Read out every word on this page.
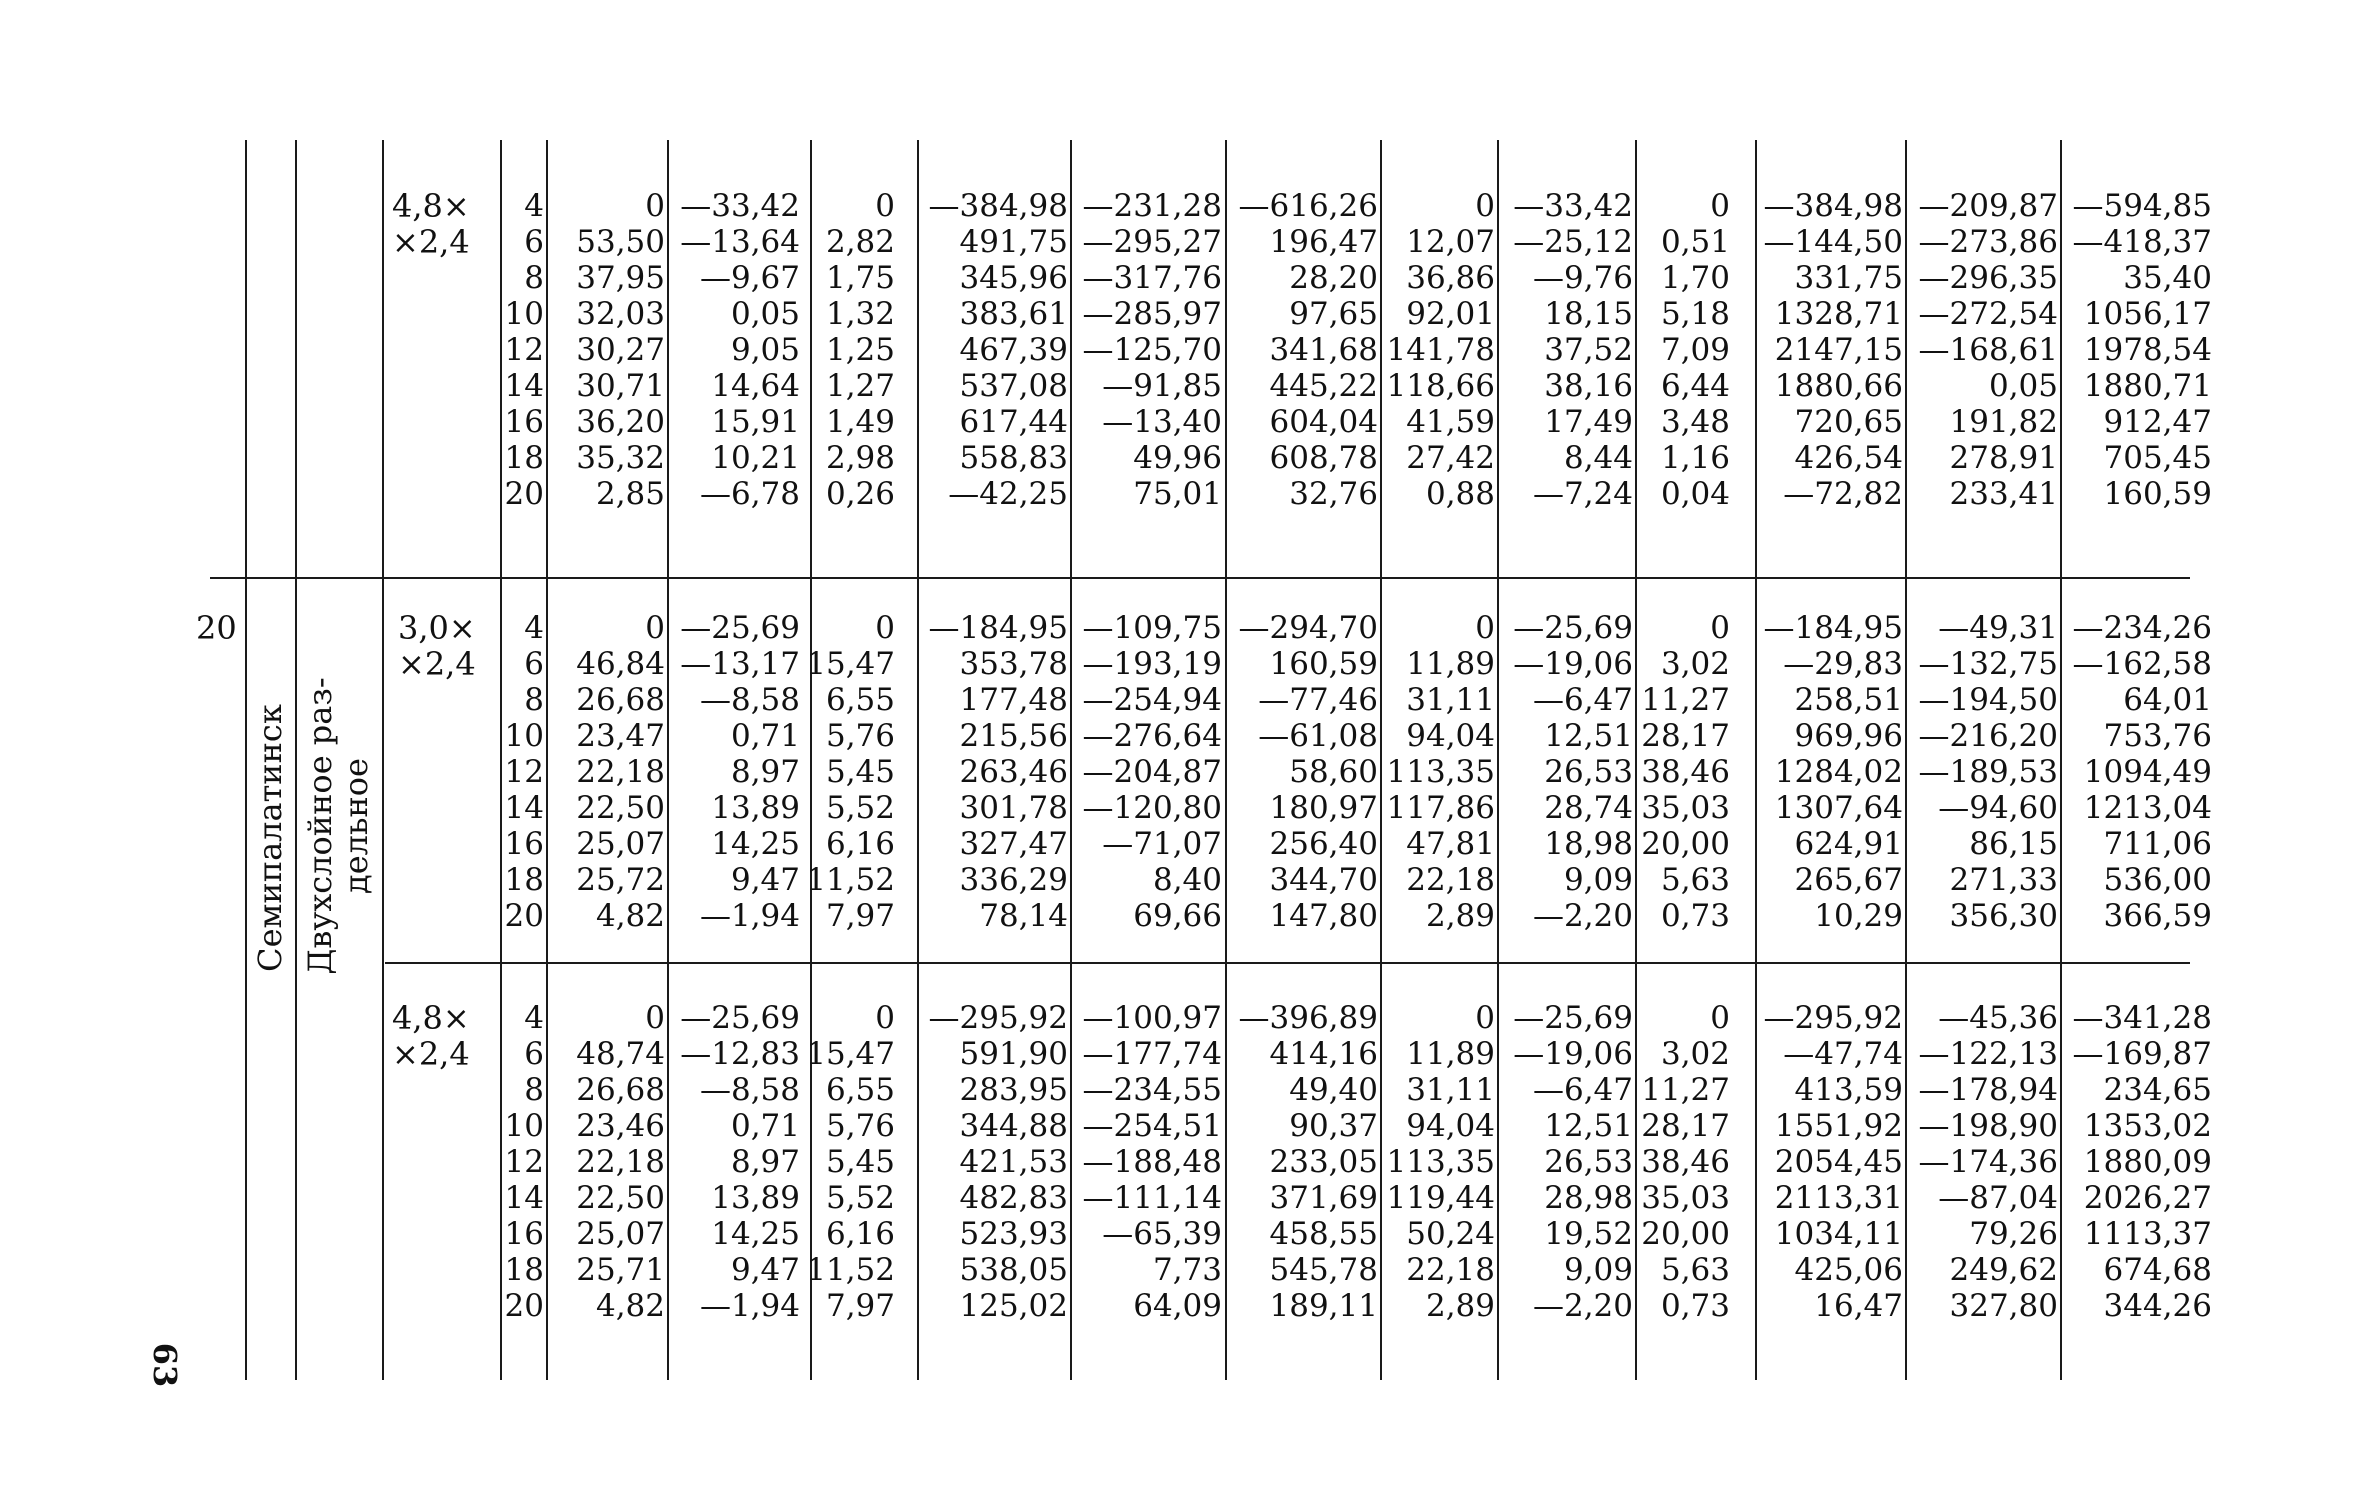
63
20
Семипалатинск Двухслойное раз-
дельное
4,8×
×2,4
4
6
8
10
12
14
16
18
20
0
53,50
37,95
32,03
30,27
30,71
36,20
35,32
2,85
—33,42
—13,64
—9,67
0,05
9,05
14,64
15,91
10,21
—6,78
0
2,82
1,75
1,32
1,25
1,27
1,49
2,98
0,26
—384,98
491,75
345,96
383,61
467,39
537,08
617,44
558,83
—42,25
—231,28
—295,27
—317,76
—285,97
—125,70
—91,85
—13,40
49,96
75,01
—616,26
196,47
28,20
97,65
341,68
445,22
604,04
608,78
32,76
0
12,07
36,86
92,01
141,78
118,66
41,59
27,42
0,88
—33,42
—25,12
—9,76
18,15
37,52
38,16
17,49
8,44
—7,24
0
0,51
1,70
5,18
7,09
6,44
3,48
1,16
0,04
—384,98
—144,50
331,75
1328,71
2147,15
1880,66
720,65
426,54
—72,82
—209,87
—273,86
—296,35
—272,54
—168,61
0,05
191,82
278,91
233,41
—594,85
—418,37
35,40
1056,17
1978,54
1880,71
912,47
705,45
160,59
3,0×
×2,4
4
6
8
10
12
14
16
18
20
0
46,84
26,68
23,47
22,18
22,50
25,07
25,72
4,82
—25,69
—13,17
—8,58
0,71
8,97
13,89
14,25
9,47
—1,94
0
15,47
6,55
5,76
5,45
5,52
6,16
11,52
7,97
—184,95
353,78
177,48
215,56
263,46
301,78
327,47
336,29
78,14
—109,75
—193,19
—254,94
—276,64
—204,87
—120,80
—71,07
8,40
69,66
—294,70
160,59
—77,46
—61,08
58,60
180,97
256,40
344,70
147,80
0
11,89
31,11
94,04
113,35
117,86
47,81
22,18
2,89
—25,69
—19,06
—6,47
12,51
26,53
28,74
18,98
9,09
—2,20
0
3,02
11,27
28,17
38,46
35,03
20,00
5,63
0,73
—184,95
—29,83
258,51
969,96
1284,02
1307,64
624,91
265,67
10,29
—49,31
—132,75
—194,50
—216,20
—189,53
—94,60
86,15
271,33
356,30
—234,26
—162,58
64,01
753,76
1094,49
1213,04
711,06
536,00
366,59
4,8×
×2,4
4
6
8
10
12
14
16
18
20
0
48,74
26,68
23,46
22,18
22,50
25,07
25,71
4,82
—25,69
—12,83
—8,58
0,71
8,97
13,89
14,25
9,47
—1,94
0
15,47
6,55
5,76
5,45
5,52
6,16
11,52
7,97
—295,92
591,90
283,95
344,88
421,53
482,83
523,93
538,05
125,02
—100,97
—177,74
—234,55
—254,51
—188,48
—111,14
—65,39
7,73
64,09
—396,89
414,16
49,40
90,37
233,05
371,69
458,55
545,78
189,11
0
11,89
31,11
94,04
113,35
119,44
50,24
22,18
2,89
—25,69
—19,06
—6,47
12,51
26,53
28,98
19,52
9,09
—2,20
0
3,02
11,27
28,17
38,46
35,03
20,00
5,63
0,73
—295,92
—47,74
413,59
1551,92
2054,45
2113,31
1034,11
425,06
16,47
—45,36
—122,13
—178,94
—198,90
—174,36
—87,04
79,26
249,62
327,80
—341,28
—169,87
234,65
1353,02
1880,09
2026,27
1113,37
674,68
344,26
